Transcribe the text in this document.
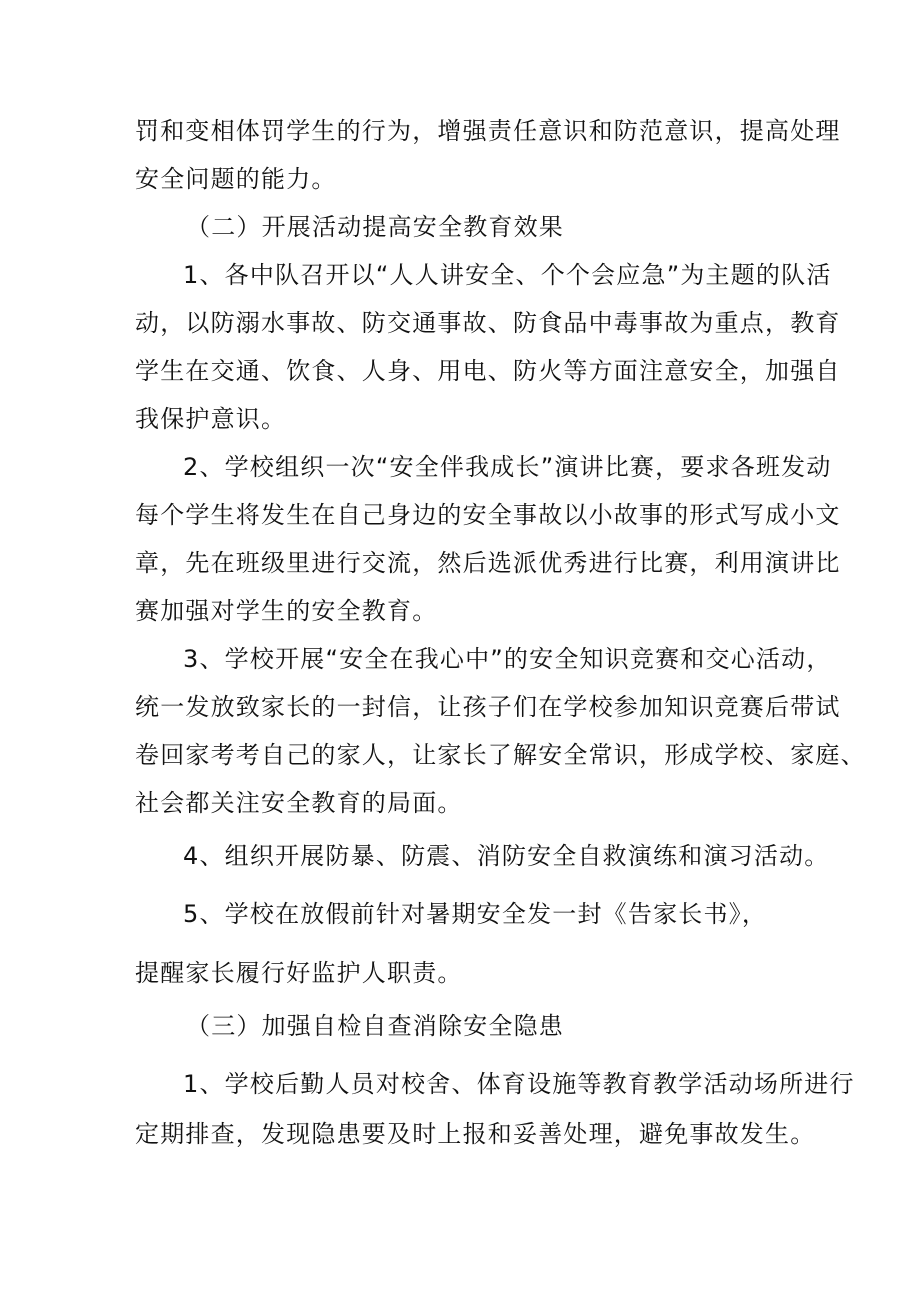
罚和变相体罚学生的行为，增强责任意识和防范意识，提高处理
安全问题的能力。
（二）开展活动提高安全教育效果
1、各中队召开以“人人讲安全、个个会应急”为主题的队活
动，以防溺水事故、防交通事故、防食品中毒事故为重点，教育
学生在交通、饮食、人身、用电、防火等方面注意安全，加强自
我保护意识。
2、学校组织一次“安全伴我成长”演讲比赛，要求各班发动
每个学生将发生在自己身边的安全事故以小故事的形式写成小文
章，先在班级里进行交流，然后选派优秀进行比赛，利用演讲比
赛加强对学生的安全教育。
3、学校开展“安全在我心中”的安全知识竞赛和交心活动，
统一发放致家长的一封信，让孩子们在学校参加知识竞赛后带试
卷回家考考自己的家人，让家长了解安全常识，形成学校、家庭、
社会都关注安全教育的局面。
4、组织开展防暴、防震、消防安全自救演练和演习活动。
5、学校在放假前针对暑期安全发一封《告家长书》，
提醒家长履行好监护人职责。
（三）加强自检自查消除安全隐患
1、学校后勤人员对校舍、体育设施等教育教学活动场所进行
定期排查，发现隐患要及时上报和妥善处理，避免事故发生。
